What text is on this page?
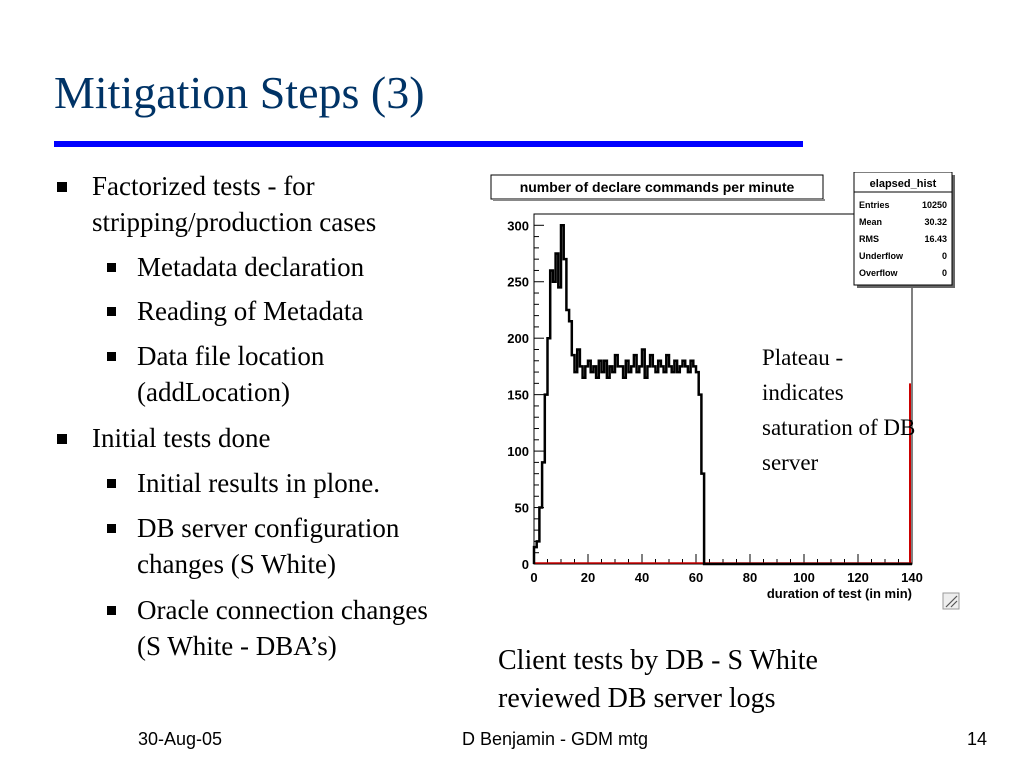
Mitigation Steps (3)
Factorized tests - for
stripping/production cases
Metadata declaration
Reading of Metadata
Data file location
(addLocation)
Initial tests done
Initial results in plone.
DB server configuration
changes (S White)
Oracle connection changes
(S White - DBA’s)
number of declare commands per minute
0
50
100
150
200
250
300
0	20	40	60	80	100 120 140
duration of test (in min)
elapsed_hist
Entries	10250
Mean	30.32
RMS	16.43
Underflow	0
Overflow	0
Plateau -
indicates
saturation of DB
server
Client tests by DB - S White
reviewed DB server logs
30-Aug-05	D Benjamin - GDM mtg	14
